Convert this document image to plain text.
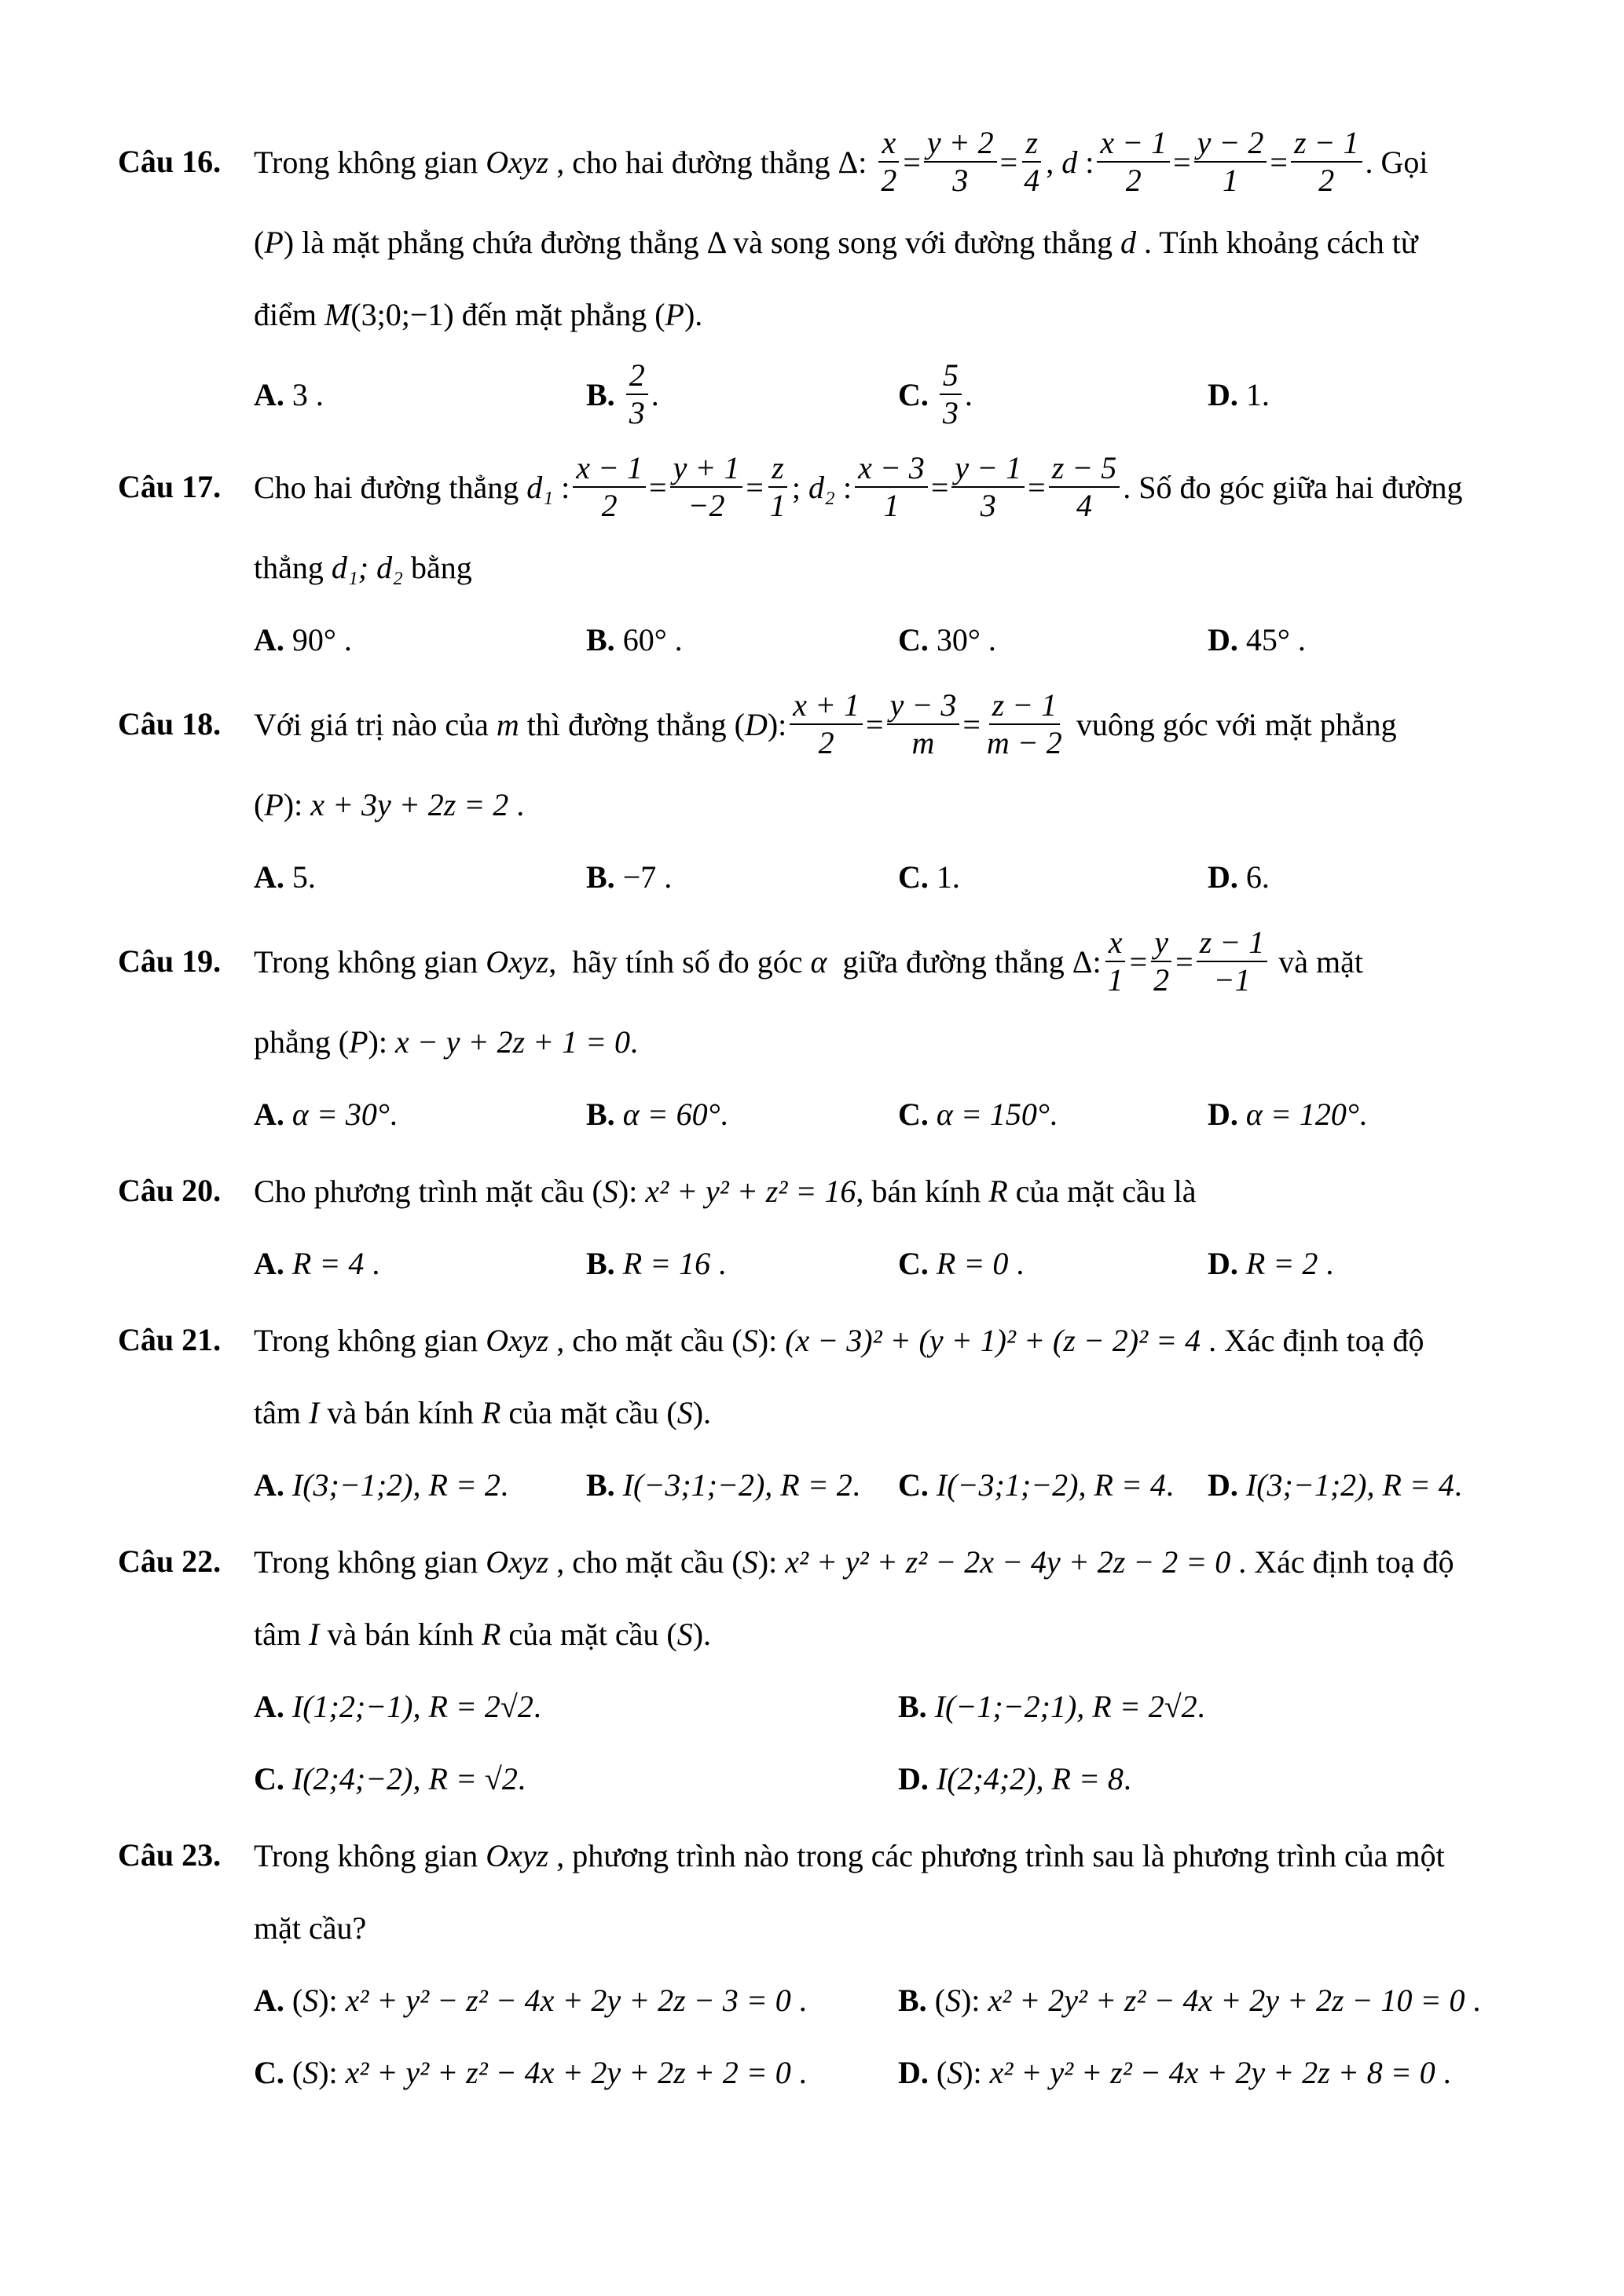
Câu 16. Trong không gian Oxyz , cho hai đường thẳng Δ: $\frac{x}{2} = \frac{y + 2}{3} = \frac{z}{4}$ , d : $\frac{x - 1}{2} = \frac{y - 2}{1} = \frac{z - 1}{2}$ . Gọi
( P ) là mặt phẳng chứa đường thẳng Δ và song song với đường thẳng d . Tính khoảng cách từ
điểm M (3;0;−1) đến mặt phẳng ( P ).
A. 3 .	B. $\frac{2}{3}$ .	C. $\frac{5}{3}$ .	D. 1.
Câu 17. Cho hai đường thẳng d₁ : $\frac{x - 1}{2} = \frac{y + 1}{-2} = \frac{z}{1}$ ; d₂ : $\frac{x - 3}{1} = \frac{y - 1}{3} = \frac{z - 5}{4}$ . Số đo góc giữa hai đường
thẳng d₁; d₂ bằng
A. 90° .	B. 60° .	C. 30° .	D. 45° .
Câu 18. Với giá trị nào của m thì đường thẳng ( D ): $\frac{x + 1}{2} = \frac{y - 3}{m} = \frac{z - 1}{m - 2}$ vuông góc với mặt phẳng
( P ): x + 3y + 2z = 2 .
A. 5.	B. −7 .	C. 1.	D. 6.
Câu 19. Trong không gian Oxyz ,  hãy tính số đo góc α giữa đường thẳng Δ: $\frac{x}{1} = \frac{y}{2} = \frac{z - 1}{-1}$ và mặt
phẳng ( P ): x − y + 2z + 1 = 0 .
A. α = 30° .	B. α = 60° .	C. α = 150° .	D. α = 120° .
Câu 20. Cho phương trình mặt cầu ( S ): x² + y² + z² = 16 , bán kính R của mặt cầu là
A. R = 4 .	B. R = 16 .	C. R = 0 .	D. R = 2 .
Câu 21. Trong không gian Oxyz , cho mặt cầu ( S ): (x − 3)² + (y + 1)² + (z − 2)² = 4 . Xác định toạ độ
tâm I và bán kính R của mặt cầu ( S ).
A. I(3;−1;2), R = 2 . B. I(−3;1;−2), R = 2 . C. I(−3;1;−2), R = 4 . D. I(3;−1;2), R = 4 .
Câu 22. Trong không gian Oxyz , cho mặt cầu ( S ): x² + y² + z² − 2x − 4y + 2z − 2 = 0 . Xác định toạ độ
tâm I và bán kính R của mặt cầu ( S ).
A. I(1;2;−1), R = 2√2 .	B. I(−1;−2;1), R = 2√2 .
C. I(2;4;−2), R = √2 .	D. I(2;4;2), R = 8 .
Câu 23. Trong không gian Oxyz , phương trình nào trong các phương trình sau là phương trình của một
mặt cầu?
A. ( S ): x² + y² − z² − 4x + 2y + 2z − 3 = 0 .	B. ( S ): x² + 2y² + z² − 4x + 2y + 2z − 10 = 0 .
C. ( S ): x² + y² + z² − 4x + 2y + 2z + 2 = 0 .	D. ( S ): x² + y² + z² − 4x + 2y + 2z + 8 = 0 .
